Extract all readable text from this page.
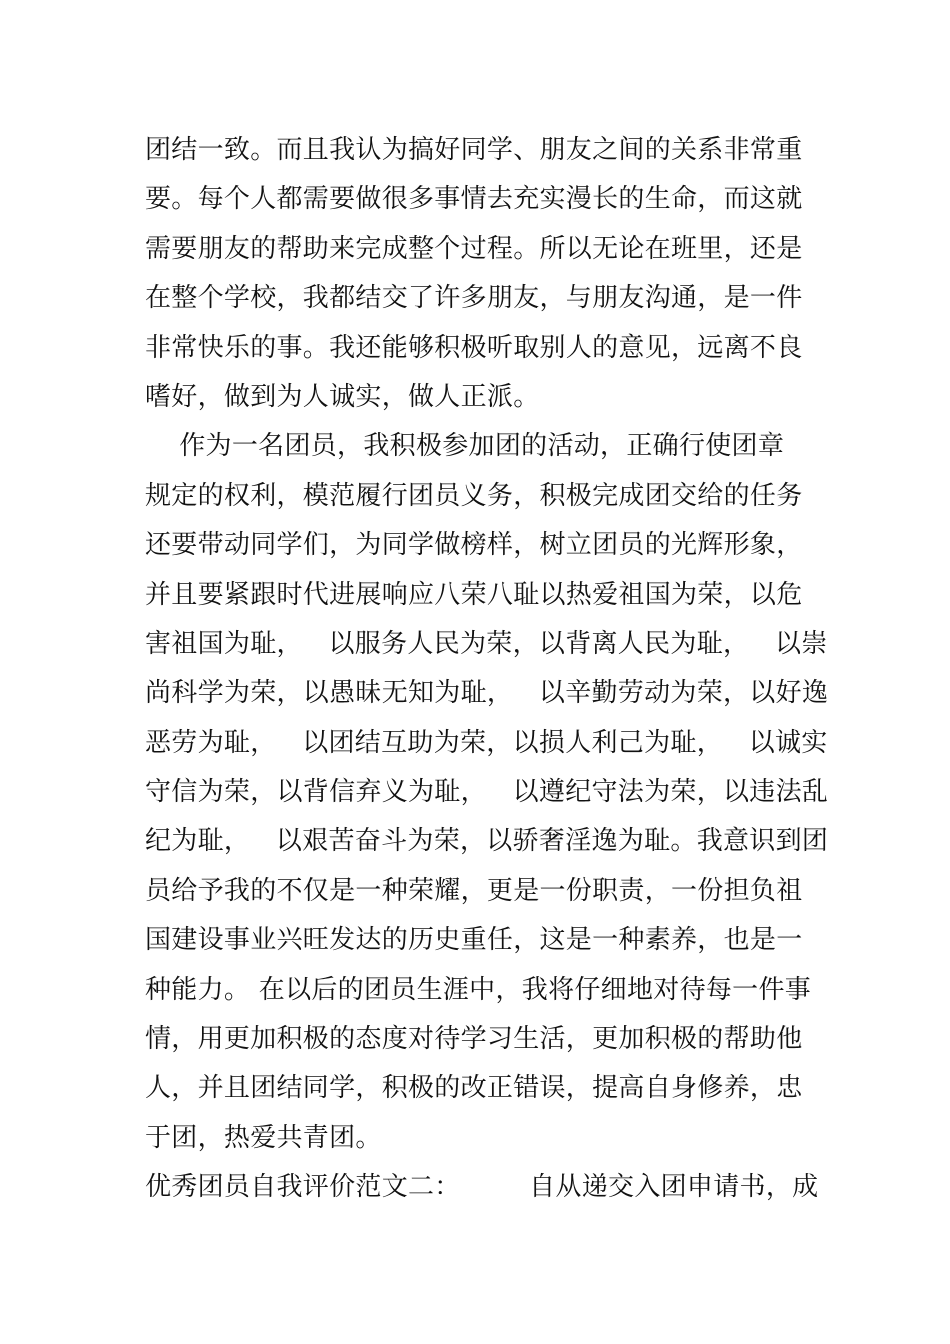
团结一致。而且我认为搞好同学、朋友之间的关系非常重
要。每个人都需要做很多事情去充实漫长的生命，而这就
需要朋友的帮助来完成整个过程。所以无论在班里，还是
在整个学校，我都结交了许多朋友，与朋友沟通，是一件
非常快乐的事。我还能够积极听取别人的意见，远离不良
嗜好，做到为人诚实，做人正派。
作为一名团员，我积极参加团的活动，正确行使团章
规定的权利，模范履行团员义务，积极完成团交给的任务
还要带动同学们，为同学做榜样，树立团员的光辉形象，
并且要紧跟时代进展响应八荣八耻以热爱祖国为荣，以危
害祖国为耻，   以服务人民为荣，以背离人民为耻，   以崇
尚科学为荣，以愚昧无知为耻，   以辛勤劳动为荣，以好逸
恶劳为耻，   以团结互助为荣，以损人利己为耻，   以诚实
守信为荣，以背信弃义为耻，   以遵纪守法为荣，以违法乱
纪为耻，   以艰苦奋斗为荣，以骄奢淫逸为耻。我意识到团
员给予我的不仅是一种荣耀，更是一份职责，一份担负祖
国建设事业兴旺发达的历史重任，这是一种素养，也是一
种能力。 在以后的团员生涯中，我将仔细地对待每一件事
情，用更加积极的态度对待学习生活，更加积极的帮助他
人，并且团结同学，积极的改正错误，提高自身修养，忠
于团，热爱共青团。
优秀团员自我评价范文二：        自从递交入团申请书，成
